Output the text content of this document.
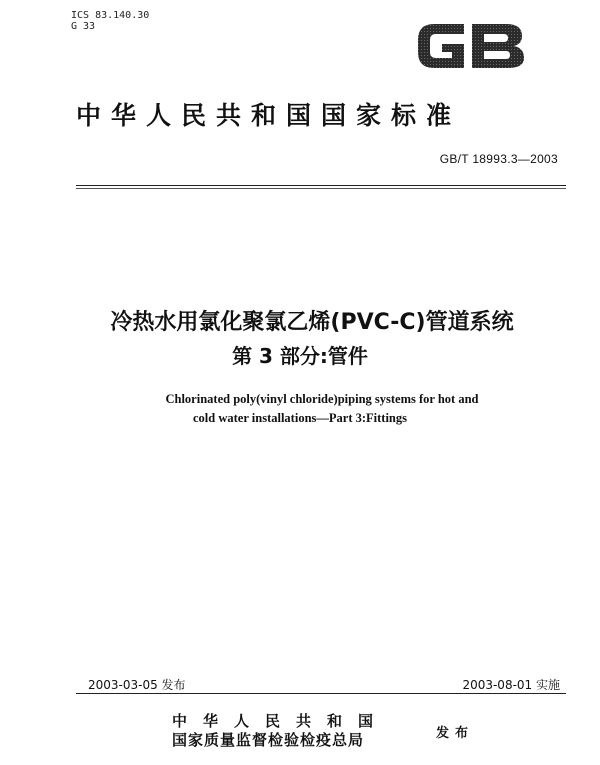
ICS 83.140.30
G 33
中华人民共和国国家标准
GB/T 18993.3—2003
冷热水用氯化聚氯乙烯(PVC-C)管道系统
第 3 部分:管件
Chlorinated poly(vinyl chloride)piping systems for hot and
cold water installations—Part 3:Fittings
2003-03-05 发布	2003-08-01 实施
中华人民共和国
国家质量监督检验检疫总局	发布
